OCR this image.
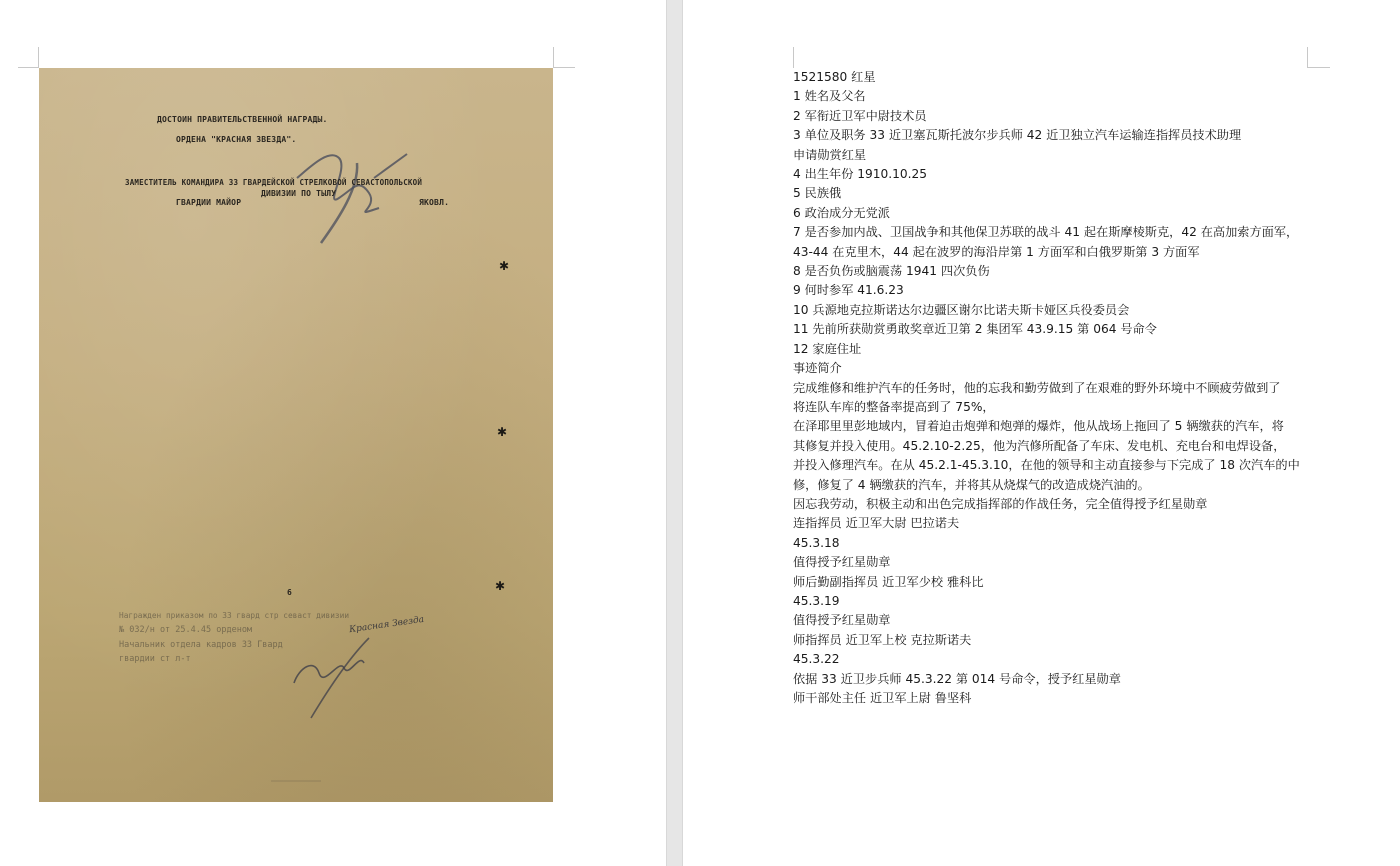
ДОСТОИН ПРАВИТЕЛЬСТВЕННОЙ НАГРАДЫ.

ОРДЕНА "КРАСНАЯ ЗВЕЗДА".

ЗАМЕСТИТЕЛЬ КОМАНДИРА 33 ГВАРДЕЙСКОЙ СТРЕЛКОВОЙ СЕВАСТОПОЛЬСКОЙ

ДИВИЗИИ ПО ТЫЛУ

ГВАРДИИ МАЙОР	ЯКОВЛ.

Награжден приказом по 33 гвард стр севаст дивизии

№ 032/н от 25.4.45 орденом

Начальник отдела кадров 33 Гвард

гвардии ст л-т

Красная Звезда

6

✱
✱
✱

1521580 红星

1 姓名及父名

2 军衔近卫军中尉技术员

3 单位及职务 33 近卫塞瓦斯托波尔步兵师 42 近卫独立汽车运输连指挥员技术助理

申请勋赏红星

4 出生年份 1910.10.25

5 民族俄

6 政治成分无党派

7 是否参加内战、卫国战争和其他保卫苏联的战斗 41 起在斯摩棱斯克，42 在高加索方面军，

43-44 在克里木，44 起在波罗的海沿岸第 1 方面军和白俄罗斯第 3 方面军

8 是否负伤或脑震荡 1941 四次负伤

9 何时参军 41.6.23

10 兵源地克拉斯诺达尔边疆区谢尔比诺夫斯卡娅区兵役委员会

11 先前所获勋赏勇敢奖章近卫第 2 集团军 43.9.15 第 064 号命令

12 家庭住址

事迹简介

完成维修和维护汽车的任务时，他的忘我和勤劳做到了在艰难的野外环境中不顾疲劳做到了

将连队车库的整备率提高到了 75%，

在泽耶里里彭地域内，冒着迫击炮弹和炮弹的爆炸，他从战场上拖回了 5 辆缴获的汽车，将

其修复并投入使用。45.2.10-2.25，他为汽修所配备了车床、发电机、充电台和电焊设备，

并投入修理汽车。在从 45.2.1-45.3.10，在他的领导和主动直接参与下完成了 18 次汽车的中

修，修复了 4 辆缴获的汽车，并将其从烧煤气的改造成烧汽油的。

因忘我劳动，积极主动和出色完成指挥部的作战任务，完全值得授予红星勋章

连指挥员 近卫军大尉 巴拉诺夫

45.3.18

值得授予红星勋章

师后勤副指挥员 近卫军少校 雅科比

45.3.19

值得授予红星勋章

师指挥员 近卫军上校 克拉斯诺夫

45.3.22

依据 33 近卫步兵师 45.3.22 第 014 号命令，授予红星勋章

师干部处主任 近卫军上尉 鲁坚科
